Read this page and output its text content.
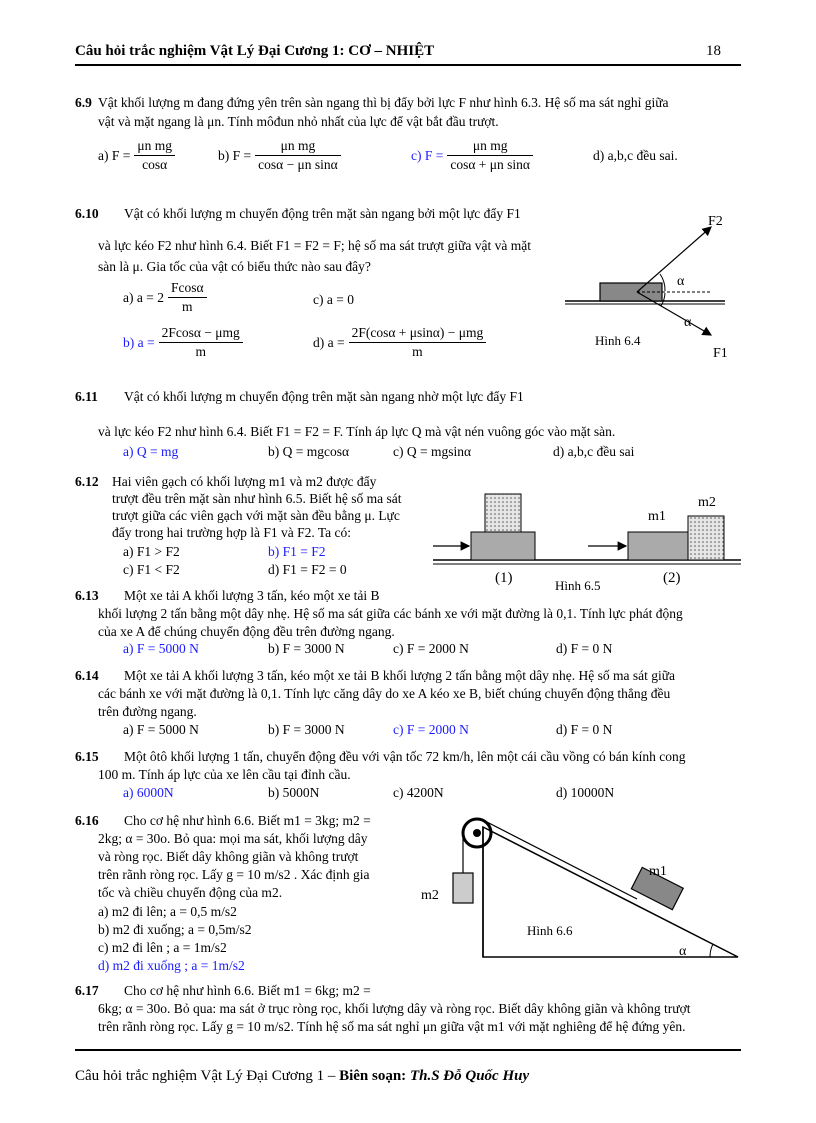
Câu hỏi trắc nghiệm Vật Lý Đại Cương 1: CƠ – NHIỆT	18
6.9 Vật khối lượng m đang đứng yên trên sàn ngang thì bị đẩy bởi lực F như hình 6.3. Hệ số ma sát nghỉ giữa
vật và mặt ngang là μn. Tính môđun nhỏ nhất của lực để vật bắt đầu trượt.
a) $F = \frac{\text{μn mg}}{\cos\alpha}$	b) $F = \frac{\text{μn mg}}{\text{cosα − μn sinα}}$	c) $F = \frac{\text{μn mg}}{\text{cosα + μn sinα}}$	d) a,b,c đều sai.
6.10 Vật có khối lượng m chuyển động trên mặt sàn ngang bởi một lực đẩy F1
và lực kéo F2 như hình 6.4. Biết F1 = F2 = F; hệ số ma sát trượt giữa vật và mặt
sàn là μ. Gia tốc của vật có biểu thức nào sau đây?
a) $a = 2 \frac{Fcos\alpha}{m}$	c) a = 0
b) $a = \frac{\text{2Fcosα − μmg}}{m}$	d) $a = \frac{\text{2F(cosα + μsinα) − μmg}}{m}$
α
α
F2
F1
Hình 6.4
6.11 Vật có khối lượng m chuyển động trên mặt sàn ngang nhờ một lực đẩy F1
và lực kéo F2 như hình 6.4. Biết F1 = F2 = F. Tính áp lực Q mà vật nén vuông góc vào mặt sàn.
a) Q = mg	b) Q = mgcosα	c) Q = mgsinα	d) a,b,c đều sai
6.12 Hai viên gạch có khối lượng m1 và m2 được đẩy
trượt đều trên mặt sàn như hình 6.5. Biết hệ số ma sát
trượt giữa các viên gạch với mặt sàn đều bằng μ. Lực
đẩy trong hai trường hợp là F1 và F2. Ta có:
a) F1 > F2	b) F1 = F2
c) F1 < F2	d) F1 = F2 = 0
m1
m2
(1)	(2)
Hình 6.5
6.13 Một xe tải A khối lượng 3 tấn, kéo một xe tải B
khối lượng 2 tấn bằng một dây nhẹ. Hệ số ma sát giữa các bánh xe với mặt đường là 0,1. Tính lực phát động
của xe A để chúng chuyển động đều trên đường ngang.
a) F = 5000 N	b) F = 3000 N	c) F = 2000 N	d) F = 0 N
6.14 Một xe tải A khối lượng 3 tấn, kéo một xe tải B khối lượng 2 tấn bằng một dây nhẹ. Hệ số ma sát giữa
các bánh xe với mặt đường là 0,1. Tính lực căng dây do xe A kéo xe B, biết chúng chuyển động thẳng đều
trên đường ngang.
a) F = 5000 N	b) F = 3000 N	c) F = 2000 N	d) F = 0 N
6.15 Một ôtô khối lượng 1 tấn, chuyển động đều với vận tốc 72 km/h, lên một cái cầu vồng có bán kính cong
100 m. Tính áp lực của xe lên cầu tại đỉnh cầu.
a) 6000N	b) 5000N	c) 4200N	d) 10000N
6.16 Cho cơ hệ như hình 6.6. Biết m1 = 3kg; m2 =
2kg; α = 30o. Bỏ qua: mọi ma sát, khối lượng dây
và ròng rọc. Biết dây không giãn và không trượt
trên rãnh ròng rọc. Lấy g = 10 m/s2 . Xác định gia
tốc và chiều chuyển động của m2.
a) m2 đi lên; a = 0,5 m/s2
b) m2 đi xuống; a = 0,5m/s2
c) m2 đi lên ; a = 1m/s2
d) m2 đi xuống ; a = 1m/s2
α
m1
m2
Hình 6.6
6.17 Cho cơ hệ như hình 6.6. Biết m1 = 6kg; m2 =
6kg; α = 30o. Bỏ qua: ma sát ở trục ròng rọc, khối lượng dây và ròng rọc. Biết dây không giãn và không trượt
trên rãnh ròng rọc. Lấy g = 10 m/s2. Tính hệ số ma sát nghỉ μn giữa vật m1 với mặt nghiêng để hệ đứng yên.
Câu hỏi trắc nghiệm Vật Lý Đại Cương 1 – Biên soạn: Th.S Đỗ Quốc Huy
